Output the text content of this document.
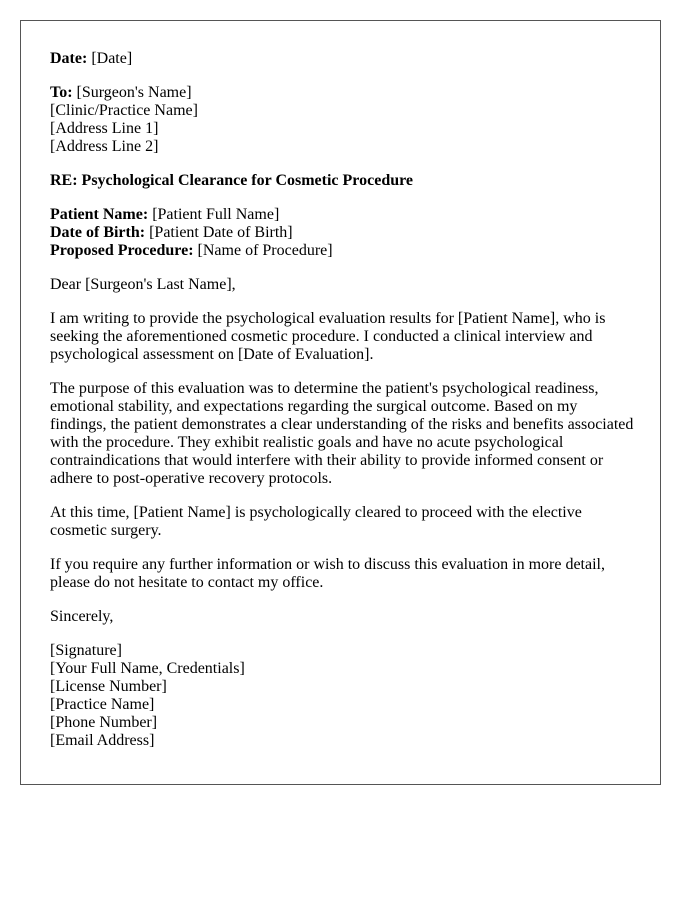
Date: [Date]

To: [Surgeon's Name]
[Clinic/Practice Name]
[Address Line 1]
[Address Line 2]

RE: Psychological Clearance for Cosmetic Procedure

Patient Name: [Patient Full Name]
Date of Birth: [Patient Date of Birth]
Proposed Procedure: [Name of Procedure]

Dear [Surgeon's Last Name],

I am writing to provide the psychological evaluation results for [Patient Name], who is
seeking the aforementioned cosmetic procedure. I conducted a clinical interview and
psychological assessment on [Date of Evaluation].

The purpose of this evaluation was to determine the patient's psychological readiness,
emotional stability, and expectations regarding the surgical outcome. Based on my
findings, the patient demonstrates a clear understanding of the risks and benefits associated
with the procedure. They exhibit realistic goals and have no acute psychological
contraindications that would interfere with their ability to provide informed consent or
adhere to post-operative recovery protocols.

At this time, [Patient Name] is psychologically cleared to proceed with the elective
cosmetic surgery.

If you require any further information or wish to discuss this evaluation in more detail,
please do not hesitate to contact my office.

Sincerely,

[Signature]
[Your Full Name, Credentials]
[License Number]
[Practice Name]
[Phone Number]
[Email Address]
